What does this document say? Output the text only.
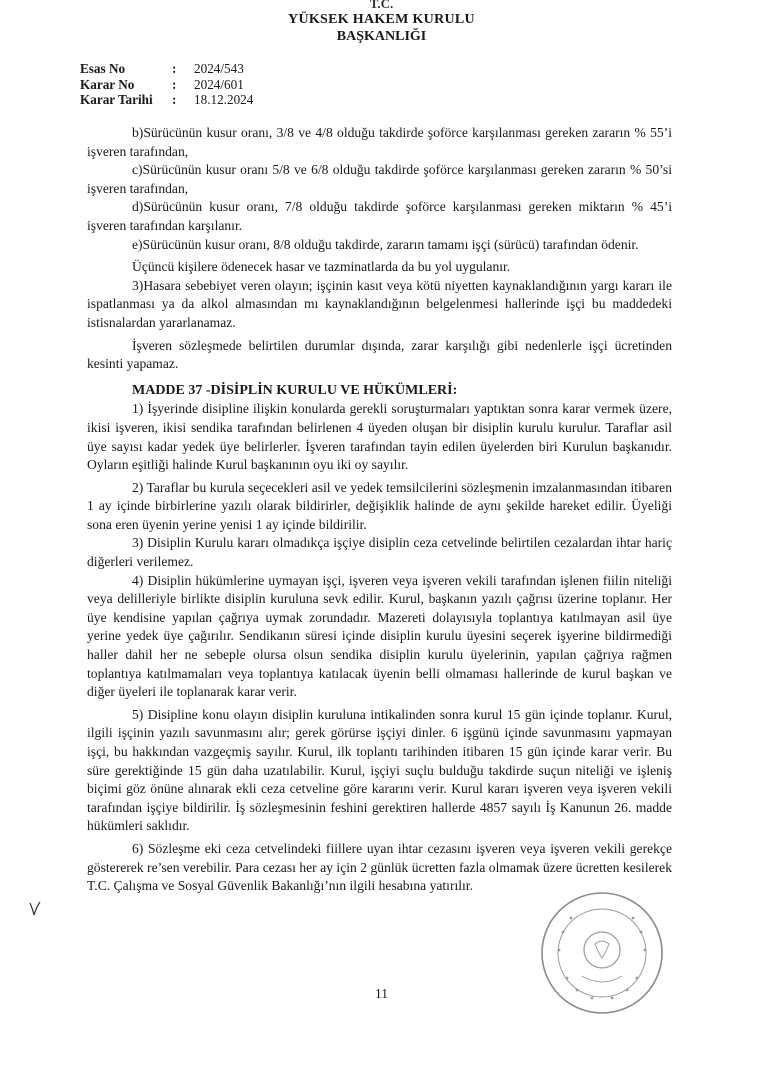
T.C.
YÜKSEK HAKEM KURULU
BAŞKANLIĞI
Esas No	:	2024/543
Karar No	:	2024/601
Karar Tarihi	:	18.12.2024

b)Sürücünün kusur oranı, 3/8 ve 4/8 olduğu takdirde şoförce karşılanması gereken zararın % 55’i işveren tarafından,

c)Sürücünün kusur oranı 5/8 ve 6/8 olduğu takdirde şoförce karşılanması gereken zararın % 50’si işveren tarafından,

d)Sürücünün kusur oranı, 7/8 olduğu takdirde şoförce karşılanması gereken miktarın % 45’i işveren tarafından karşılanır.

e)Sürücünün kusur oranı, 8/8 olduğu takdirde, zararın tamamı işçi (sürücü) tarafından ödenir.

Üçüncü kişilere ödenecek hasar ve tazminatlarda da bu yol uygulanır.

3)Hasara sebebiyet veren olayın; işçinin kasıt veya kötü niyetten kaynaklandığının yargı kararı ile ispatlanması ya da alkol almasından mı kaynaklandığının belgelenmesi hallerinde işçi bu maddedeki istisnalardan yararlanamaz.

İşveren sözleşmede belirtilen durumlar dışında, zarar karşılığı gibi nedenlerle işçi ücretinden kesinti yapamaz.

MADDE 37 -DİSİPLİN KURULU VE HÜKÜMLERİ:

1) İşyerinde disipline ilişkin konularda gerekli soruşturmaları yaptıktan sonra karar vermek üzere, ikisi işveren, ikisi sendika tarafından belirlenen 4 üyeden oluşan bir disiplin kurulu kurulur. Taraflar asil üye sayısı kadar yedek üye belirlerler. İşveren tarafından tayin edilen üyelerden biri Kurulun başkanıdır. Oyların eşitliği halinde Kurul başkanının oyu iki oy sayılır.

2) Taraflar bu kurula seçecekleri asil ve yedek temsilcilerini sözleşmenin imzalanmasından itibaren 1 ay içinde birbirlerine yazılı olarak bildirirler, değişiklik halinde de aynı şekilde hareket edilir. Üyeliği sona eren üyenin yerine yenisi 1 ay içinde bildirilir.

3) Disiplin Kurulu kararı olmadıkça işçiye disiplin ceza cetvelinde belirtilen cezalardan ihtar hariç diğerleri verilemez.

4) Disiplin hükümlerine uymayan işçi, işveren veya işveren vekili tarafından işlenen fiilin niteliği veya delilleriyle birlikte disiplin kuruluna sevk edilir. Kurul, başkanın yazılı çağrısı üzerine toplanır. Her üye kendisine yapılan çağrıya uymak zorundadır. Mazereti dolayısıyla toplantıya katılmayan asil üye yerine yedek üye çağırılır. Sendikanın süresi içinde disiplin kurulu üyesini seçerek işyerine bildirmediği haller dahil her ne sebeple olursa olsun sendika disiplin kurulu üyelerinin, yapılan çağrıya rağmen toplantıya katılmamaları veya toplantıya katılacak üyenin belli olmaması hallerinde de kurul başkan ve diğer üyeleri ile toplanarak karar verir.

5) Disipline konu olayın disiplin kuruluna intikalinden sonra kurul 15 gün içinde toplanır. Kurul, ilgili işçinin yazılı savunmasını alır; gerek görürse işçiyi dinler. 6 işgünü içinde savunmasını yapmayan işçi, bu hakkından vazgeçmiş sayılır. Kurul, ilk toplantı tarihinden itibaren 15 gün içinde karar verir. Bu süre gerektiğinde 15 gün daha uzatılabilir. Kurul, işçiyi suçlu bulduğu takdirde suçun niteliği ve işleniş biçimi göz önüne alınarak ekli ceza cetveline göre kararını verir. Kurul kararı işveren veya işveren vekili tarafından işçiye bildirilir. İş sözleşmesinin feshini gerektiren hallerde 4857 sayılı İş Kanunun 26. madde hükümleri saklıdır.

6) Sözleşme eki ceza cetvelindeki fiillere uyan ihtar cezasını işveren veya işveren vekili gerekçe göstererek re’sen verebilir. Para cezası her ay için 2 günlük ücretten fazla olmamak üzere ücretten kesilerek T.C. Çalışma ve Sosyal Güvenlik Bakanlığı’nın ilgili hesabına yatırılır.

11
